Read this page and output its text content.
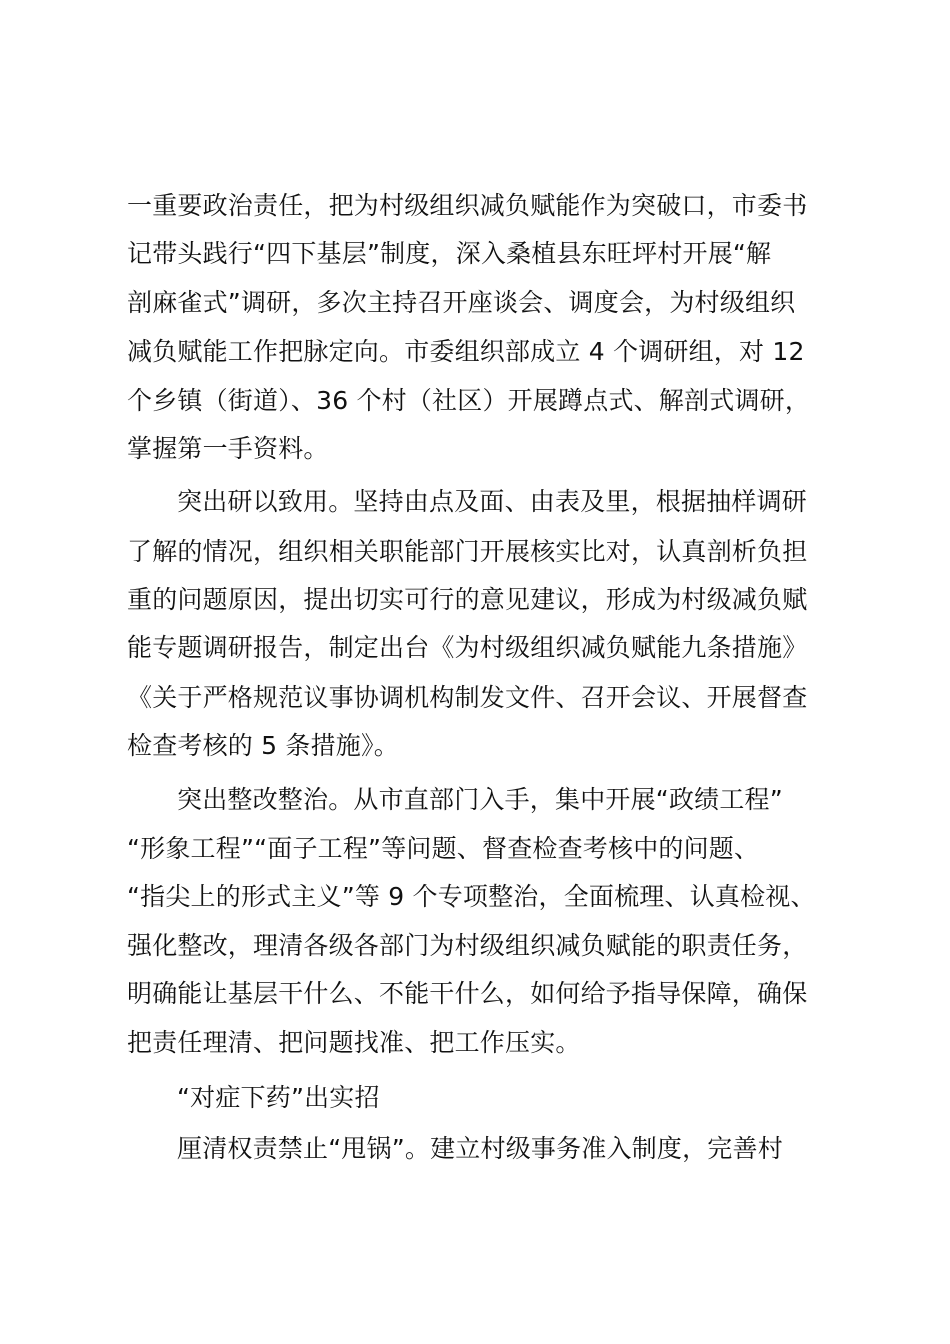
一重要政治责任，把为村级组织减负赋能作为突破口，市委书
记带头践行“四下基层”制度，深入桑植县东旺坪村开展“解
剖麻雀式”调研，多次主持召开座谈会、调度会，为村级组织
减负赋能工作把脉定向。市委组织部成立 4 个调研组，对 12
个乡镇（街道）、36 个村（社区）开展蹲点式、解剖式调研，
掌握第一手资料。
突出研以致用。坚持由点及面、由表及里，根据抽样调研
了解的情况，组织相关职能部门开展核实比对，认真剖析负担
重的问题原因，提出切实可行的意见建议，形成为村级减负赋
能专题调研报告，制定出台《为村级组织减负赋能九条措施》
《关于严格规范议事协调机构制发文件、召开会议、开展督查
检查考核的 5 条措施》。
突出整改整治。从市直部门入手，集中开展“政绩工程”
“形象工程”“面子工程”等问题、督查检查考核中的问题、
“指尖上的形式主义”等 9 个专项整治，全面梳理、认真检视、
强化整改，理清各级各部门为村级组织减负赋能的职责任务，
明确能让基层干什么、不能干什么，如何给予指导保障，确保
把责任理清、把问题找准、把工作压实。
“对症下药”出实招
厘清权责禁止“甩锅”。建立村级事务准入制度，完善村
